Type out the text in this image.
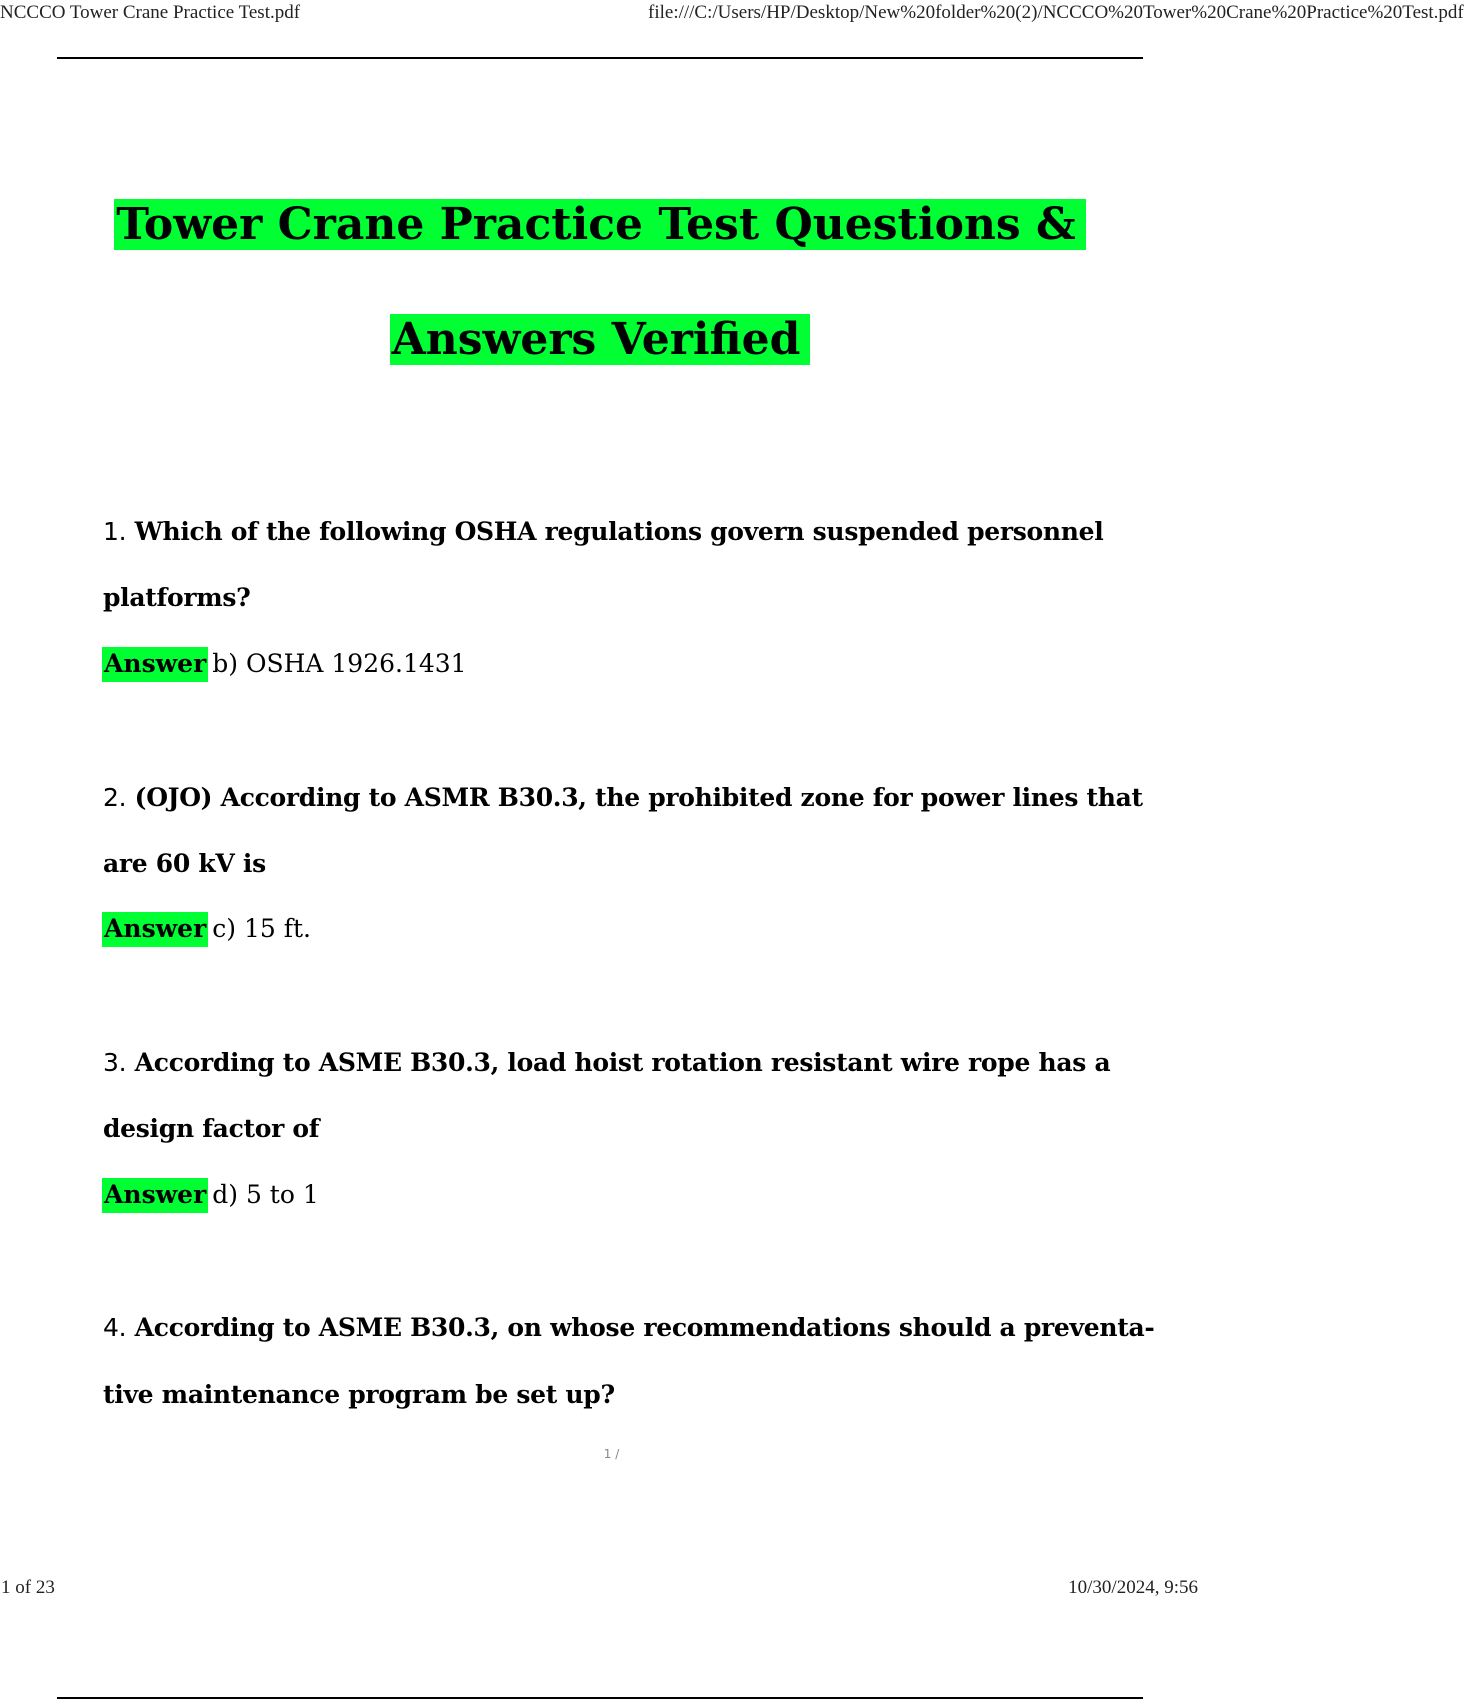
NCCCO Tower Crane Practice Test.pdf	file:///C:/Users/HP/Desktop/New%20folder%20(2)/NCCCO%20Tower%20Crane%20Practice%20Test.pdf
Tower Crane Practice Test Questions &
Answers Verified
1. Which of the following OSHA regulations govern suspended personnel
platforms?
Answer b) OSHA 1926.1431
2. (OJO) According to ASMR B30.3, the prohibited zone for power lines that
are 60 kV is
Answer c) 15 ft.
3. According to ASME B30.3, load hoist rotation resistant wire rope has a
design factor of
Answer d) 5 to 1
4. According to ASME B30.3, on whose recommendations should a preventa-
tive maintenance program be set up?
1 /
1 of 23	10/30/2024, 9:56
